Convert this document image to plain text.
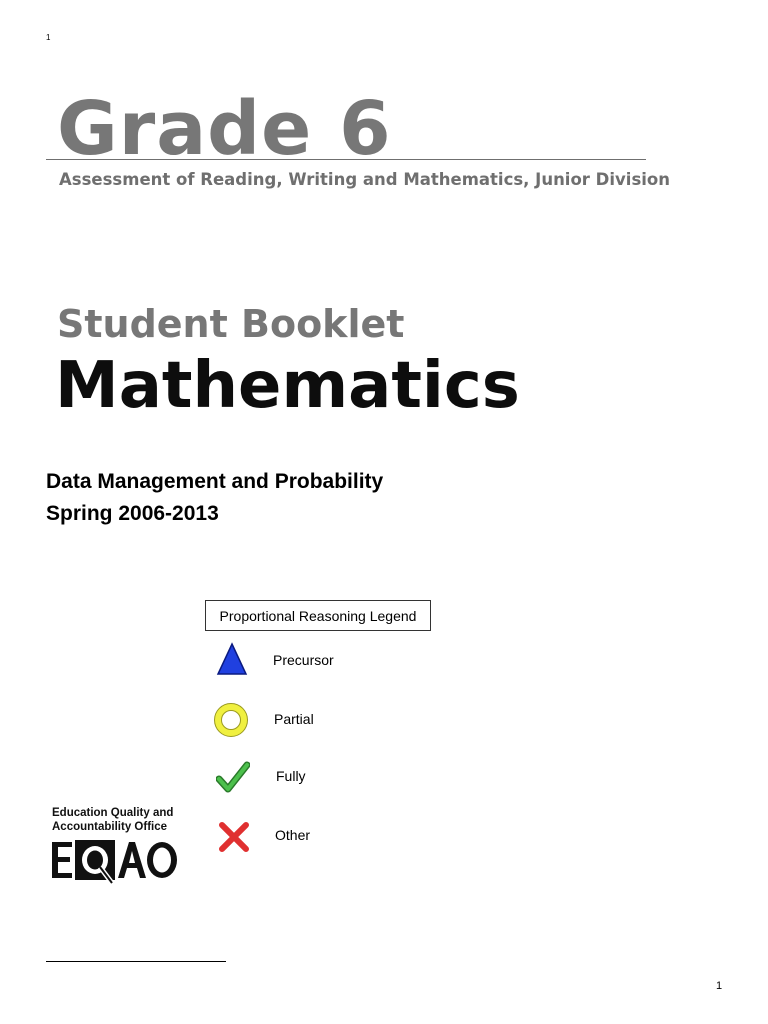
1
Grade 6
Assessment of Reading, Writing and Mathematics, Junior Division
Student Booklet
Mathematics
Data Management and Probability
Spring 2006-2013
Proportional Reasoning Legend
Precursor
Partial
Fully
Other
Education Quality and
Accountability Office
1
